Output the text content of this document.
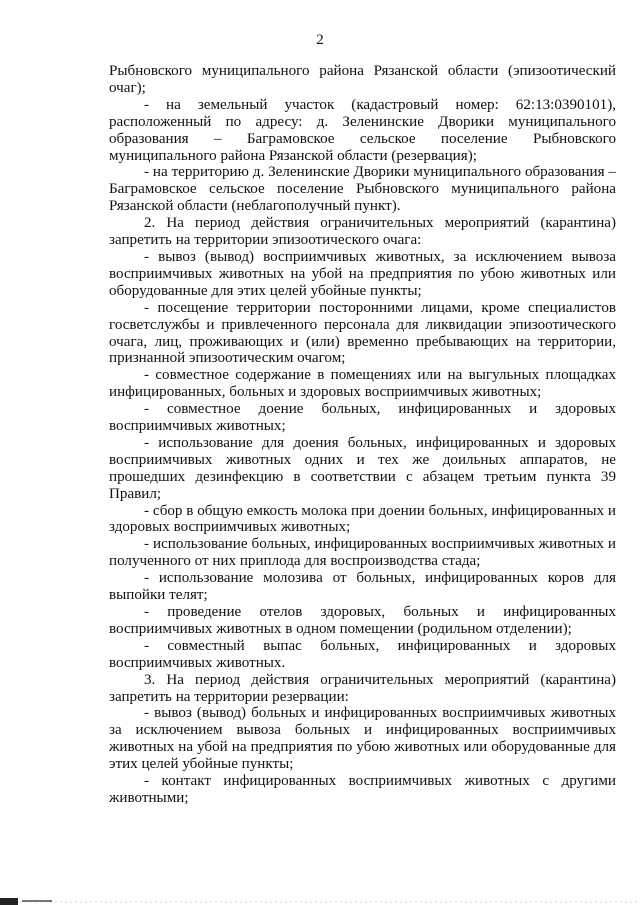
2

Рыбновского муниципального района Рязанской области (эпизоотический очаг);

- на земельный участок (кадастровый номер: 62:13:0390101), расположенный по адресу: д. Зеленинские Дворики муниципального образования – Баграмовское сельское поселение Рыбновского муниципального района Рязанской области (резервация);

- на территорию д. Зеленинские Дворики муниципального образования – Баграмовское сельское поселение Рыбновского муниципального района Рязанской области (неблагополучный пункт).

2. На период действия ограничительных мероприятий (карантина) запретить на территории эпизоотического очага:

- вывоз (вывод) восприимчивых животных, за исключением вывоза восприимчивых животных на убой на предприятия по убою животных или оборудованные для этих целей убойные пункты;

- посещение территории посторонними лицами, кроме специалистов госветслужбы и привлеченного персонала для ликвидации эпизоотического очага, лиц, проживающих и (или) временно пребывающих на территории, признанной эпизоотическим очагом;

- совместное содержание в помещениях или на выгульных площадках инфицированных, больных и здоровых восприимчивых животных;

- совместное доение больных, инфицированных и здоровых восприимчивых животных;

- использование для доения больных, инфицированных и здоровых восприимчивых животных одних и тех же доильных аппаратов, не прошедших дезинфекцию в соответствии с абзацем третьим пункта 39 Правил;

- сбор в общую емкость молока при доении больных, инфицированных и здоровых восприимчивых животных;

- использование больных, инфицированных восприимчивых животных и полученного от них приплода для воспроизводства стада;

- использование молозива от больных, инфицированных коров для выпойки телят;

- проведение отелов здоровых, больных и инфицированных восприимчивых животных в одном помещении (родильном отделении);

- совместный выпас больных, инфицированных и здоровых восприимчивых животных.

3. На период действия ограничительных мероприятий (карантина) запретить на территории резервации:

- вывоз (вывод) больных и инфицированных восприимчивых животных за исключением вывоза больных и инфицированных восприимчивых животных на убой на предприятия по убою животных или оборудованные для этих целей убойные пункты;

- контакт инфицированных восприимчивых животных с другими животными;
